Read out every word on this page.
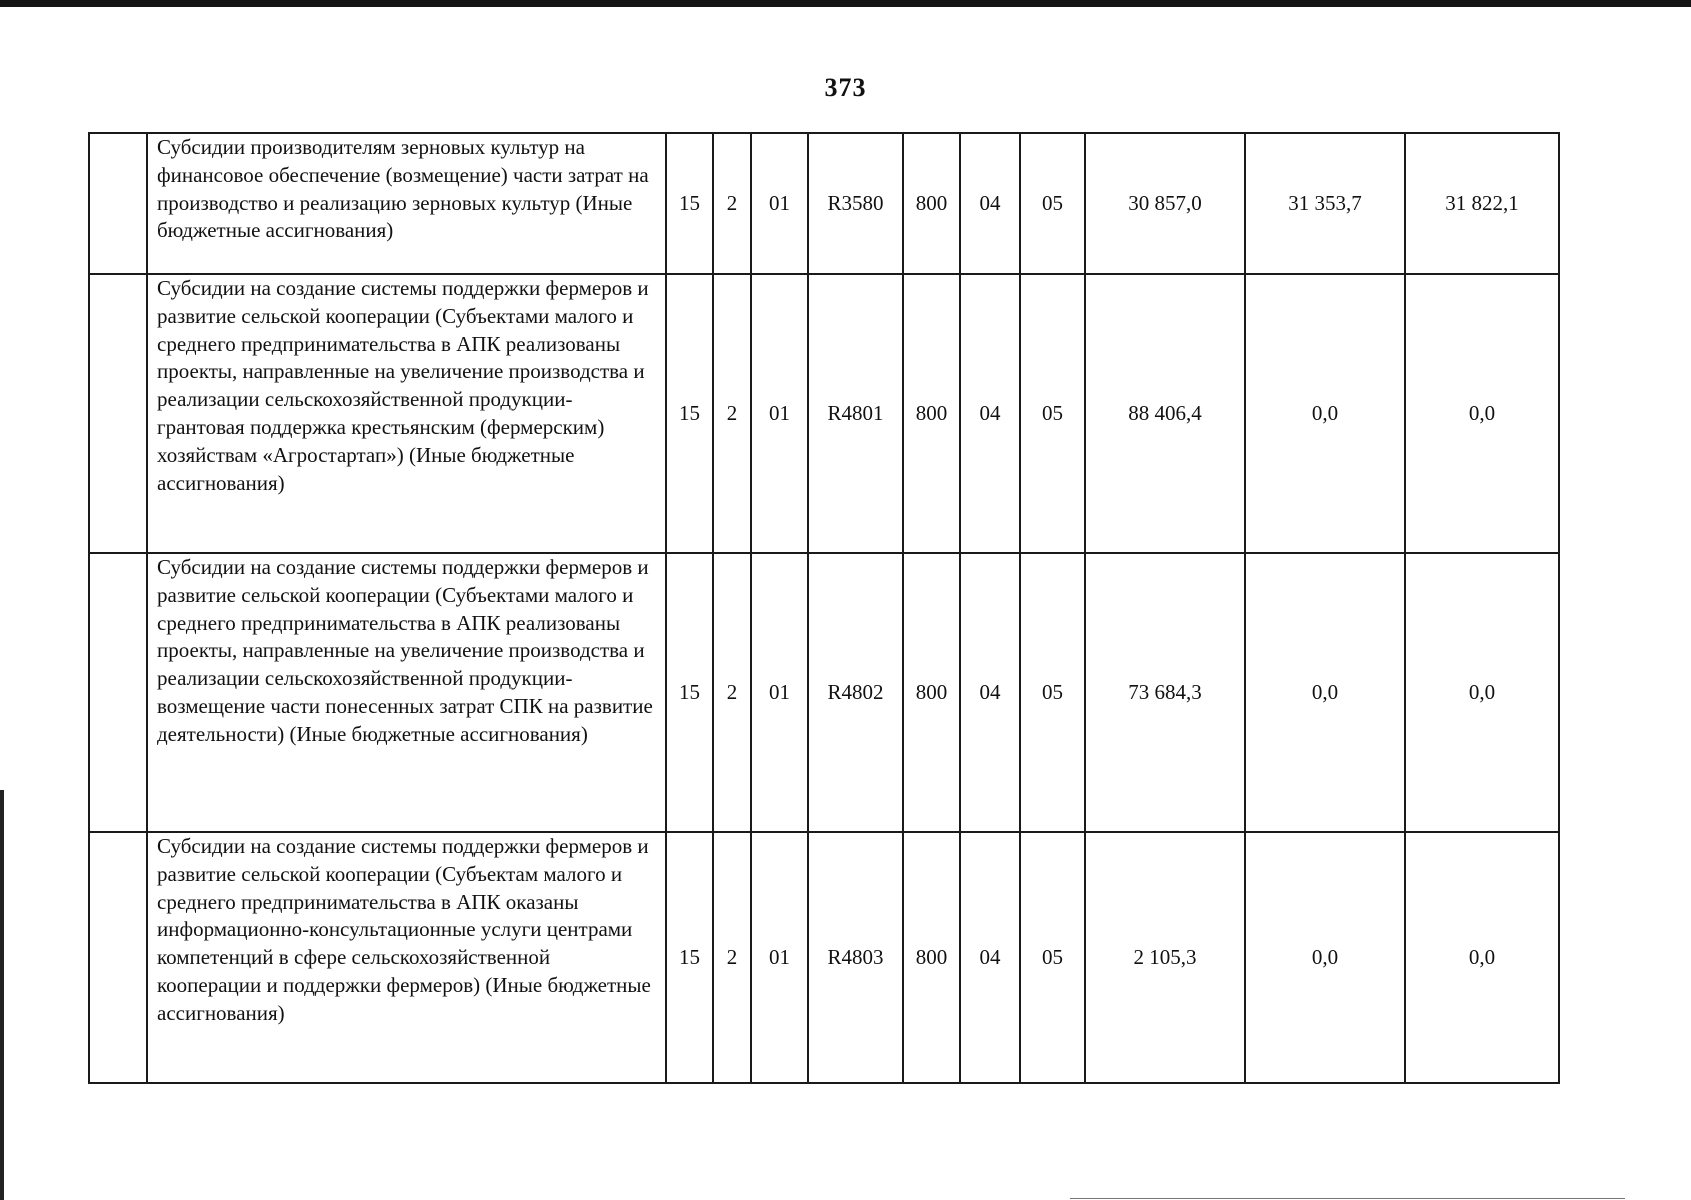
373
	Субсидии производителям зерновых культур на финансовое обеспечение (возмещение) части затрат на производство и реализацию зерновых культур (Иные бюджетные ассигнования)	15	2	01	R3580	800	04	05	30 857,0	31 353,7	31 822,1
	Субсидии на создание системы поддержки фермеров и развитие сельской кооперации (Субъектами малого и среднего предпринимательства в АПК реализованы проекты, направленные на увеличение производства и реализации сельскохозяйственной продукции-грантовая поддержка крестьянским (фермерским) хозяйствам «Агростартап») (Иные бюджетные ассигнования)	15	2	01	R4801	800	04	05	88 406,4	0,0	0,0
	Субсидии на создание системы поддержки фермеров и развитие сельской кооперации (Субъектами малого и среднего предпринимательства в АПК реализованы проекты, направленные на увеличение производства и реализации сельскохозяйственной продукции-возмещение части понесенных затрат СПК на развитие деятельности) (Иные бюджетные ассигнования)	15	2	01	R4802	800	04	05	73 684,3	0,0	0,0
	Субсидии на создание системы поддержки фермеров и развитие сельской кооперации (Субъектам малого и среднего предпринимательства в АПК оказаны информационно-консультационные услуги центрами компетенций в сфере сельскохозяйственной кооперации и поддержки фермеров) (Иные бюджетные ассигнования)	15	2	01	R4803	800	04	05	2 105,3	0,0	0,0
